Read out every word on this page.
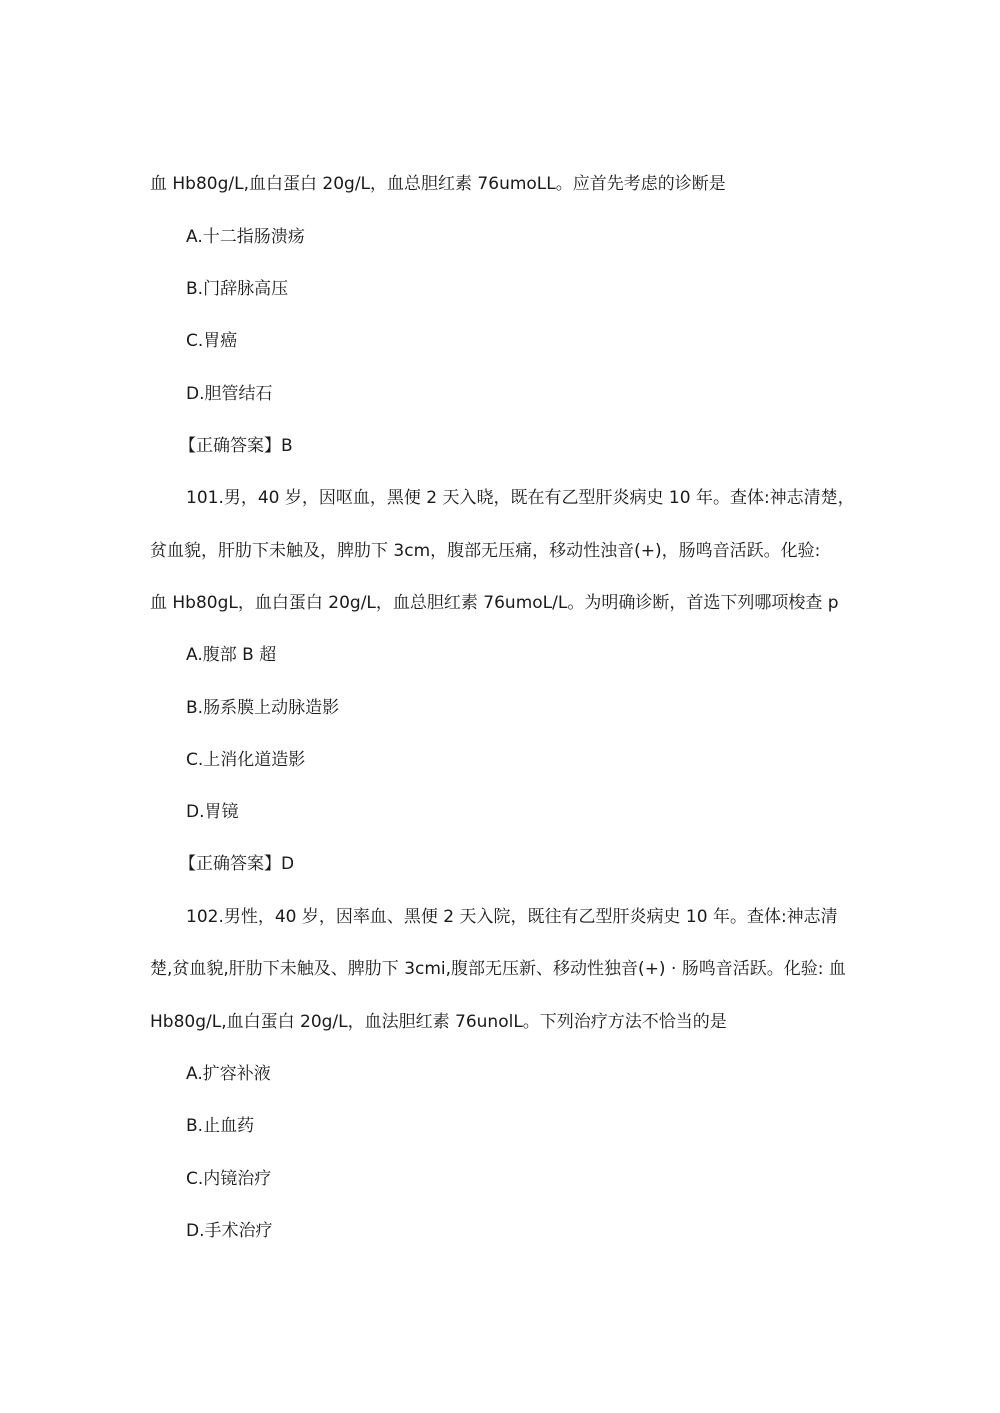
血 Hb80g/L,血白蛋白 20g/L，血总胆红素 76umoLL。应首先考虑的诊断是
A.十二指肠溃疡
B.门辞脉高压
C.胃癌
D.胆管结石
【正确答案】B
101.男，40 岁，因呕血，黑便 2 天入晓，既在有乙型肝炎病史 10 年。查体:神志清楚，
贫血貌，肝肋下未触及，脾肋下 3cm，腹部无压痛，移动性浊音(+)，肠鸣音活跃。化验:
血 Hb80gL，血白蛋白 20g/L，血总胆红素 76umoL/L。为明确诊断，首选下列哪项梭查 p
A.腹部 B 超
B.肠系膜上动脉造影
C.上消化道造影
D.胃镜
【正确答案】D
102.男性，40 岁，因率血、黑便 2 天入院，既往有乙型肝炎病史 10 年。查体:神志清
楚,贫血貌,肝肋下未触及、脾肋下 3cmi,腹部无压新、移动性独音(+) · 肠鸣音活跃。化验: 血
Hb80g/L,血白蛋白 20g/L，血法胆红素 76unolL。下列治疗方法不恰当的是
A.扩容补液
B.止血药
C.内镜治疗
D.手术治疗
